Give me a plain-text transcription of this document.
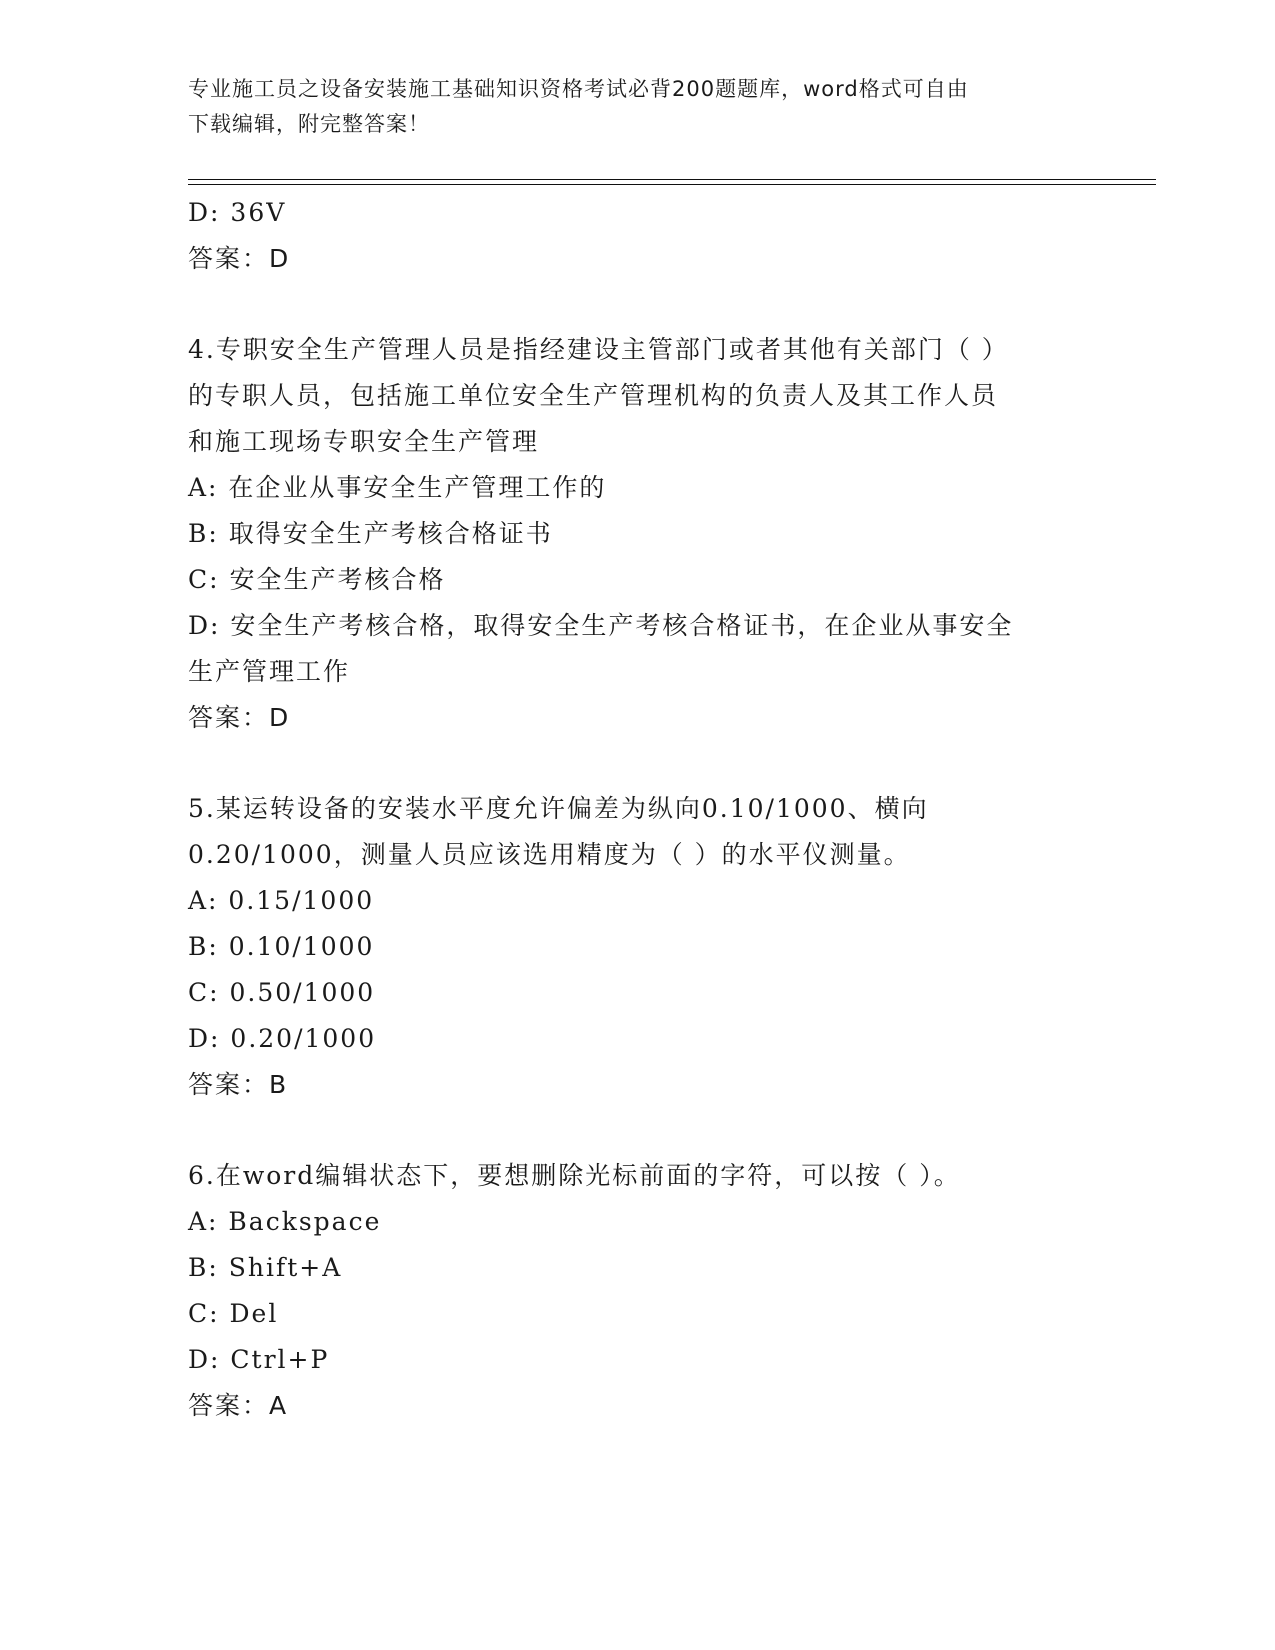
专业施工员之设备安装施工基础知识资格考试必背200题题库，word格式可自由
下载编辑，附完整答案！
D: 36V
答案：D
4.专职安全生产管理人员是指经建设主管部门或者其他有关部门（ ）
的专职人员，包括施工单位安全生产管理机构的负责人及其工作人员
和施工现场专职安全生产管理
A: 在企业从事安全生产管理工作的
B: 取得安全生产考核合格证书
C: 安全生产考核合格
D: 安全生产考核合格，取得安全生产考核合格证书，在企业从事安全
生产管理工作
答案：D
5.某运转设备的安装水平度允许偏差为纵向0.10/1000、横向
0.20/1000，测量人员应该选用精度为（ ）的水平仪测量。
A: 0.15/1000
B: 0.10/1000
C: 0.50/1000
D: 0.20/1000
答案：B
6.在word编辑状态下，要想删除光标前面的字符，可以按（ ）。
A: Backspace
B: Shift+A
C: Del
D: Ctrl+P
答案：A
